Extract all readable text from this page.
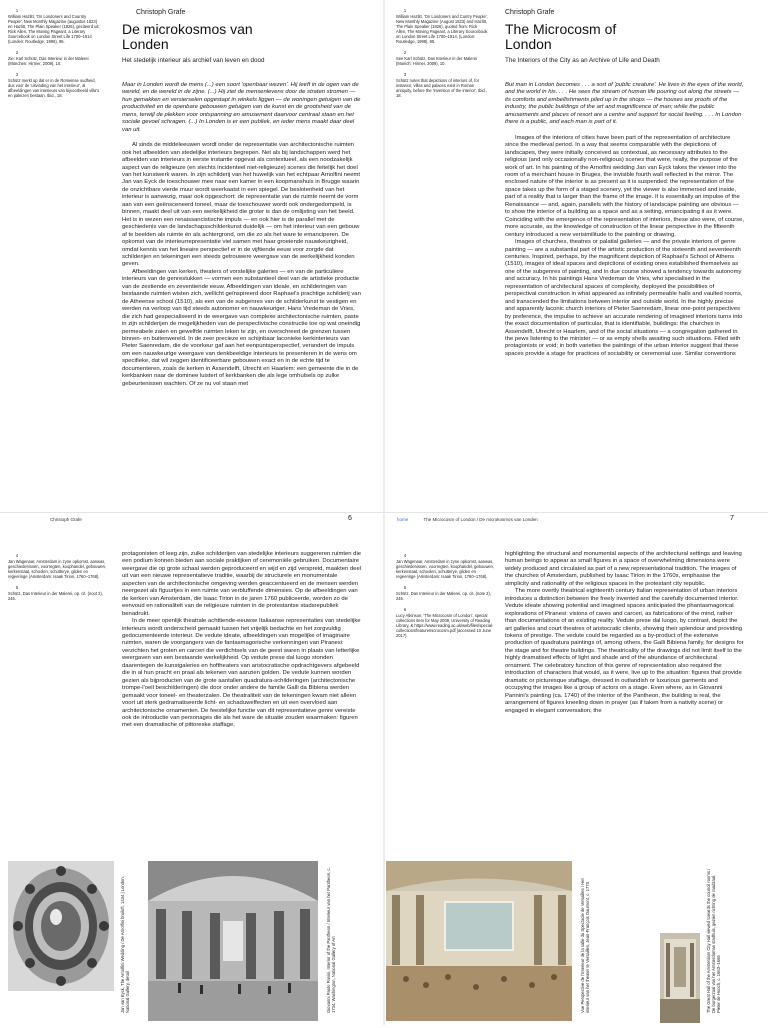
1
William Hazlitt, 'On Londoners and Country People', New Monthly Magazine (augustus 1823) en Hazlitt, The Plain Speaker (1826), geciteerd uit: Rick Allen, The Moving Pageant, a Literary Sourcebook on London Street Life 1700–1914 (Londen: Routledge, 1998), 95.
2
Zie: Karl Schütz, Das Interieur in der Malerei (München: Hirmer, 2009), 10.
3
Schütz merkt op dat er in de Romeinse oudheid, dus voor de 'uitvinding van het interieur', al afbeeldingen van interieurs van bijvoorbeeld villa's en paleizen bestaan. Ibid., 18.
Christoph Grafe
De microkosmos van Londen
Het stedelijk interieur als archief van leven en dood

Maar in Londen wordt de mens (...) een soort 'openbaar wezen'. Hij leeft in de ogen van de wereld, en de wereld in de zijne. (...) Hij ziet de mensenlevens door de straten stromen — hun gemakken en versierselen opgestapt in winkels liggen — de woningen getuigen van de productiviteit en de openbare gebouwen getuigen van de kunst en de grootsheid van de mens, terwijl de plekken voor ontspanning en amusement daarvoor centraal staan en het sociale gevoel schragen. (...) In Londen is er een publiek, en ieder mens maakt daar deel van uit.

Al sinds de middeleeuwen wordt onder de representatie van architectonische ruimten ook het afbeelden van stedelijke interieurs begrepen. Net als bij landschappen werd het afbeelden van interieurs in eerste instantie opgevat als contextueel, als een noodzakelijk aspect van de religieuze (en slechts incidenteel niet-religieuze) scenes die feitelijk het doel van het kunstwerk waren. In zijn schilderij van het huwelijk van het echtpaar Arnolfini neemt Jan van Eyck de toeschouwer mee naar een kamer in een koopmanshuis in Brugge waarin de onzichtbare vierde muur wordt weerkaatst in een spiegel. De besloten​heid van het interieur is aanwezig, maar ook opgeschort: de representatie van de ruimte neemt de vorm aan van een geënsceneerd toneel, maar de toeschouwer wordt ook ondergedompeld, is binnen, maakt deel uit van een werkelijkheid die groter is dan de omlijsting van het beeld. Het is in wezen een renaissancistische impuls — en ook hier is de parallel met de geschiedenis van de landschapsschilderkunst duidelijk — om het interieur van een gebouw af te beelden als ruimte én als achtergrond, om die zo als het ware te emanciperen. De opkomst van de interieurrepresentatie viel samen met haar groeiende nauwkeurigheid, omdat kennis van het lineaire perspectief er in de vijftiende eeuw voor zorgde dat schilderijen en tekeningen een steeds getrouwere weergave van de werkelijkheid konden geven.

Afbeeldingen van kerken, theaters of vorstelijke galeries — en van de particuliere interieurs van de genrestukken — vormen een substantieel deel van de artistieke productie van de zestiende en zeventiende eeuw. Afbeeldingen van ideale, en schilderingen van bestaande ruimten wisten zich, wellicht geïnspireerd door Raphael's prachtige schilderij van de Atheense school (1510), als een van de subgenres van de schilderkunst te vestigen en werden na verloop van tijd steeds autonomer en nauwkeuriger. Hans Vredeman de Vries, die zich had gespecialiseerd in de weergave van complexe architectonische ruimten, paste in zijn schilderijen de mogelijkheden van de perspectivische constructie toe op wat oneindig permeabele zalen en gewelfde ruimten leken te zijn, en overschreed de grenzen tussen binnen- en buitenwereld. In de zeer precieze en schijnbaar laconieke kerkinterieurs van Pieter Saenredam, die de voorkeur gaf aan het eenpuntsperspectief, verandert de impuls om een nauwkeurige weergave van denkbeeldige interieurs te presenteren in de wens om specifieke, dat wil zeggen identificeerbare gebouwen exact en in de echte tijd te documenteren, zoals de kerken in Assendelft, Utrecht en Haarlem: een gemeente die in de kerkbanken naar de dominee luistert of kerkbanken die als lege omhulsels op zulke gebeurtenissen wachten. Of ze nu vol staan met

Christoph Grafe	6
1
William Hazlitt, 'On Londoners and Cuntry People', New Monthly Magazine (August 1823) and Hazlitt, The Plain Speaker (1826), quoted from: Rick Allen, The Moving Pageant, a Literary Sourcebook on London Street Life 1700–1914, (London: Routledge, 1998), 95.
2
See Karl Schütz, Das Interieur in der Malerei (Munich: Hirmer, 2009), 10.
3
Schütz notes that depictions of interiors of, for instance, villas and palaces exist in Roman antiquity, before the 'invention of the interior'. Ibid., 18.
Christoph Grafe
The Microcosm of London
The Interiors of the City as an Archive of Life and Death

But man in London becomes . . . a sort of 'public creature'. He lives in the eyes of the world, and the world in his. . . . He sees the stream of human life pouring out along the streets — its comforts and embellishments piled up in the shops — the houses are proofs of the industry, the public buildings of the art and magnificence of man; while the public amusements and places of resort are a centre and support for social feeling. . . . In London there is a public, and each man is part of it.

Images of the interiors of cities have been part of the representation of architecture since the medieval period. In a way that seems comparable with the depictions of landscapes, they were initially conceived as contextual, as necessary attributes to the religious (and only occasionally non-religious) scenes that were, really, the purpose of the work of art. In his painting of the Arnolfini wedding Jan van Eyck takes the viewer into the room of a merchant house in Bruges, the invisible fourth wall reflected in the mirror. The enclosed nature of the interior is as present as it is suspended: the representation of the space takes up the form of a staged scenery, yet the viewer is also immersed and inside, part of a reality that is larger than the frame of the image. It is essentially an impulse of the Renaissance — and, again, parallels with the history of landscape painting are obvious — to show the interior of a building as a space and as a setting, emancipating it as it were. Coinciding with the emergence of the representation of interiors, these also were, of course, more accurate, as the knowledge of construction of the linear perspective in the fifteenth century introduced a new verisimilitude to the painting or drawing.

Images of churches, theatres or palatial galleries — and the private interiors of genre painting — are a substantial part of the artistic production of the sixteenth and seventeenth centuries. Inspired, perhaps, by the magnificent depiction of Raphael's School of Athens (1510), images of ideal spaces and depictions of existing ones established themselves as one of the subgenres of painting, and in due course showed a tendency towards autonomy and accuracy. In his paintings Hans Vredeman de Vries, who specialised in the representation of architectural spaces of complexity, deployed the possibilities of perspectival construction in what appeared as infinitely permeable halls and vaulted rooms, and transcended the limitations between interior and outside world. In the highly precise and apparently laconic church interiors of Pieter Saenredam, linear one-point perspectives by preference, the impulse to achieve an accurate rendering of imagined interiors turns into the exact documentation of particular, that is identifiable, buildings: the churches in Assendelft, Utrecht or Haarlem, and of the social situations — a congregation gathered in the pews listening to the minister — or as empty shells awaiting such situations. Filled with protagonists or void; in both varieties the paintings of the urban interior suggest that these spaces provide a stage for practices of sociability or ceremonial use. Similar conventions

home	The Microcosm of London / De microkosmos van Londen	7
4
Jan Wagenaar, Amsterdam in zyne opkomst, aanwas, geschiedenissen, voorregten, koophandel, gebouwen, kerkenstaat, schoolen, schutterye, gilden en regeeringe (Amsterdam: Isaak Tirion, 1760–1768).
5
Schütz, Das Interieur in der Malerei, op. cit. (noot 2), 245.

protagonisten of leeg zijn, zulke schilderijen van stedelijke interieurs suggereren ruimten die een podium konnen bieden aan sociale praktijken of ceremoniële gebruiken. Documentaire weergave die op grote schaal werden geproduceerd en wijd en zijd verspreid, maakten deel uit van een nieuwe representatieve traditie, waarbij de structurele en monumentale aspecten van de architectonische omgeving werden geaccentueerd en de mensen werden neergezet als figuurtjes in een ruimte van verbluffende dimensies. Op de afbeeldingen van de kerken van Amsterdam, die Isaac Tirion in de jaren 1760 publiceerde, worden zo de eenvoud en rationaliteit van de religieuze ruimten in de protestantse stadsrepubliek benadrukt.

In de meer openlijk theatrale achttiende-eeuwse Italiaanse representaties van stedelijke interieurs wordt onderscheid gemaakt tussen het vrijelijk bedachte en het zorgvuldig gedocumenteerde interieur. De vedute ideate, afbeeldingen van mogelijke of imaginaire ruimten, waren de voorgangers van de fantasmagorische verkenningen van Piranesi: verzichten het groten en carceri die verdichtsels van de geest waren in plaats van letterlijke weergaven van een bestaande werkelijkheid. Op vedute prese dal luogo stonden daarentegen de kunstgaleries en hoftheaters van aristocratische opdrachtgevers afgebeeld die in al hun pracht en praal als tekenen van aanzien golden. De vedute kunnen worden gezien als bijproducten van de grote aantallen quadratura-schilderingen (architectonische trompe-l'oeil beschilderingen) die door onder andere de familie Galli da Bibiena werden gemaakt voor toneel- en theaterzalen. De theatraliteit van de tekeningen kwam niet alleen voort uit sterk gedramatiseerde licht- en schaduweffecten en uit een overvloed aan architectonische ornamenten. De feestelijke functie van dit representatieve genre vereiste ook de introductie van personages die als het ware de situatie zouden waarmaken: figuren met een dramatische of pittoreske staffage,

Jan van Eyck, The Arnolfini Wedding / De Arnolfini bruiloft, 1434 | London, National Gallery, detail	Giovanni Paolo Panini, Interior of the Pantheon / Interieur van het Pantheon, c. 1734, Washington, National Gallery of Art
4
Jan Wagenaar, Amsterdam in zyne opkomst, aanwas, geschiedenissen, voorregten, koophandel, gebouwen, kerkenstaat, schoolen, schutterye, gilden en regeeringe (Amsterdam: Isaak Tirion, 1760–1768).
5
Schütz, Das Interieur in der Malerei, op. cit. (note 2), 245.
6
Lucy Atkinson, 'The Microcosm of London', special collections item for May 2009, University of Reading Library, & https://www.reading.ac.uk/web/files/special-collections/featuremicrocosm.pdf (accessed 10 June 2017).

highlighting the structural and monumental aspects of the architectural settings and leaving human beings to appear as small figures in a space of overwhelming dimensions were widely produced and circulated as part of a new representational tradition. The images of the churches of Amsterdam, published by Isaac Tirion in the 1760s, emphasise the simplicity and rationality of the religious spaces in the protestant city republic.

The more overtly theatrical eighteenth century Italian representation of urban interiors introduces a distinction between the freely invented and the carefully documented interior. Vedute ideate showing potential and imagined spaces anticipated the phantasmagorical explorations of Piranesi: visions of caves and carceri, as fabrications of the mind, rather than documentations of an existing reality. Vedute prese dal luogo, by contrast, depict the art galleries and court theatres of aristocratic clients, showing their splendour and providing tokens of prestige. The vedute could be regarded as a by-product of the extensive production of quadratura paintings of, among others, the Galli Bibiena family, for designs for the stage and for theatre buildings. The theatricality of the drawings did not limit itself to the highly dramatised effects of light and shade and of the abundance of architectural ornament. The celebratory function of this genre of representation also required the introduction of characters that would, as it were, live up to the situation: figures that provide dramatic or picturesque staffage, dressed in outlandish or luxurious garments and occupying the images like a group of actors on a stage. Even where, as in Giovanni Pannini's painting (ca. 1740) of the interior of the Pantheon, the building is real, the arrangement of figures kneeling down in prayer (as if taken from a nativity scene) or engaged in elegant conversation, the

Vue Perspective de l'Interieur de la salle du Spectacle de Versailles / Het interieur van het theater te Versailles, Jean-François Daumont, c. 1770	The Great Hall of the Amsterdam City Hall viewed towards the council rooms / De burgerzaal van het Amsterdamse stadhuis, gezien richting de raadzaal, Pieter de Hooch, c. 1663–1665
